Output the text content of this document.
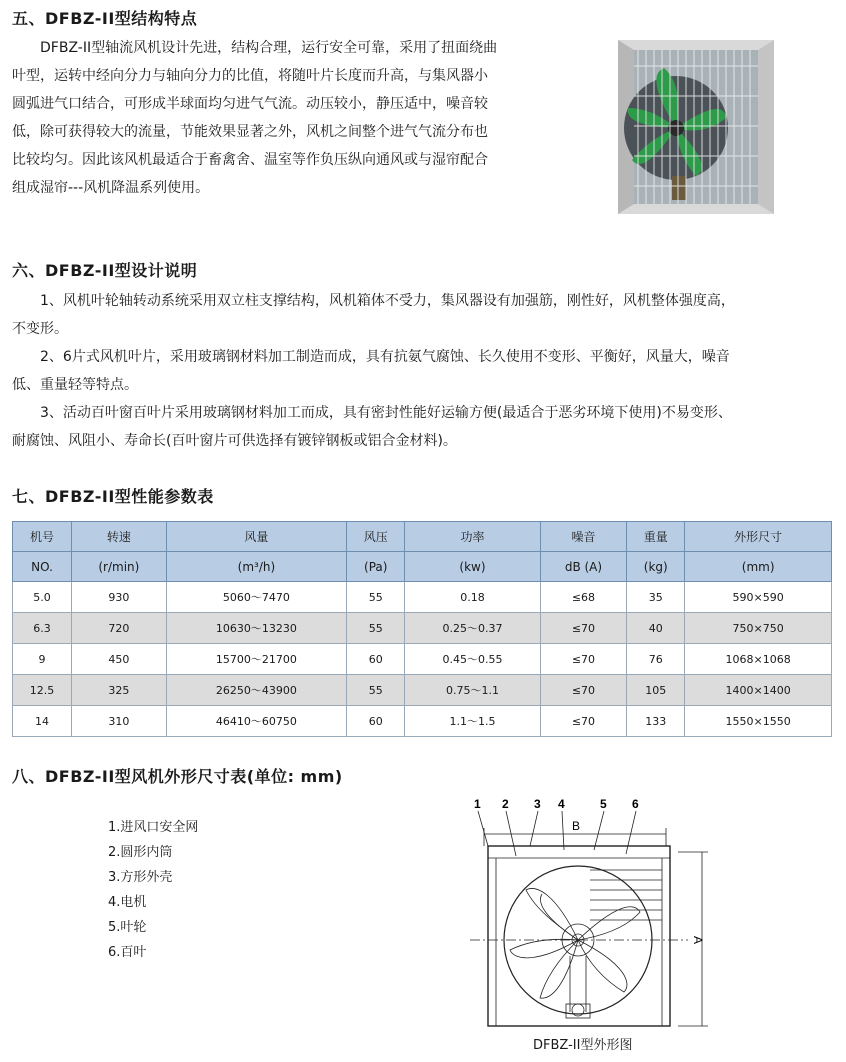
五、DFBZ-II型结构特点

DFBZ-II型轴流风机设计先进，结构合理，运行安全可靠，采用了扭面绕曲

叶型，运转中经向分力与轴向分力的比值，将随叶片长度而升高，与集风器小

圆弧进气口结合，可形成半球面均匀进气气流。动压较小，静压适中，噪音较

低，除可获得较大的流量，节能效果显著之外，风机之间整个进气气流分布也

比较均匀。因此该风机最适合于畜禽舍、温室等作负压纵向通风或与湿帘配合

组成湿帘---风机降温系列使用。

六、DFBZ-II型设计说明

1、风机叶轮轴转动系统采用双立柱支撑结构，风机箱体不受力，集风器设有加强筋，刚性好，风机整体强度高，

不变形。

2、6片式风机叶片，采用玻璃钢材料加工制造而成，具有抗氨气腐蚀、长久使用不变形、平衡好，风量大，噪音

低、重量轻等特点。

3、活动百叶窗百叶片采用玻璃钢材料加工而成，具有密封性能好运输方便(最适合于恶劣环境下使用)不易变形、

耐腐蚀、风阻小、寿命长(百叶窗片可供选择有镀锌钢板或铝合金材料)。

七、DFBZ-II型性能参数表
机号	转速	风量	风压	功率	噪音	重量	外形尺寸
NO.	(r/min)	(m³/h)	(Pa)	(kw)	dB (A)	(kg)	(mm)
5.0	930	5060～7470	55	0.18	≤68	35	590×590
6.3	720	10630～13230	55	0.25～0.37	≤70	40	750×750
9	450	15700～21700	60	0.45～0.55	≤70	76	1068×1068
12.5	325	26250～43900	55	0.75～1.1	≤70	105	1400×1400
14	310	46410～60750	60	1.1～1.5	≤70	133	1550×1550
八、DFBZ-II型风机外形尺寸表(单位: mm)
1.进风口安全网
2.圆形内筒
3.方形外壳
4.电机
5.叶轮
6.百叶
1 2 3 4	5 6
B
A
DFBZ-II型外形图
